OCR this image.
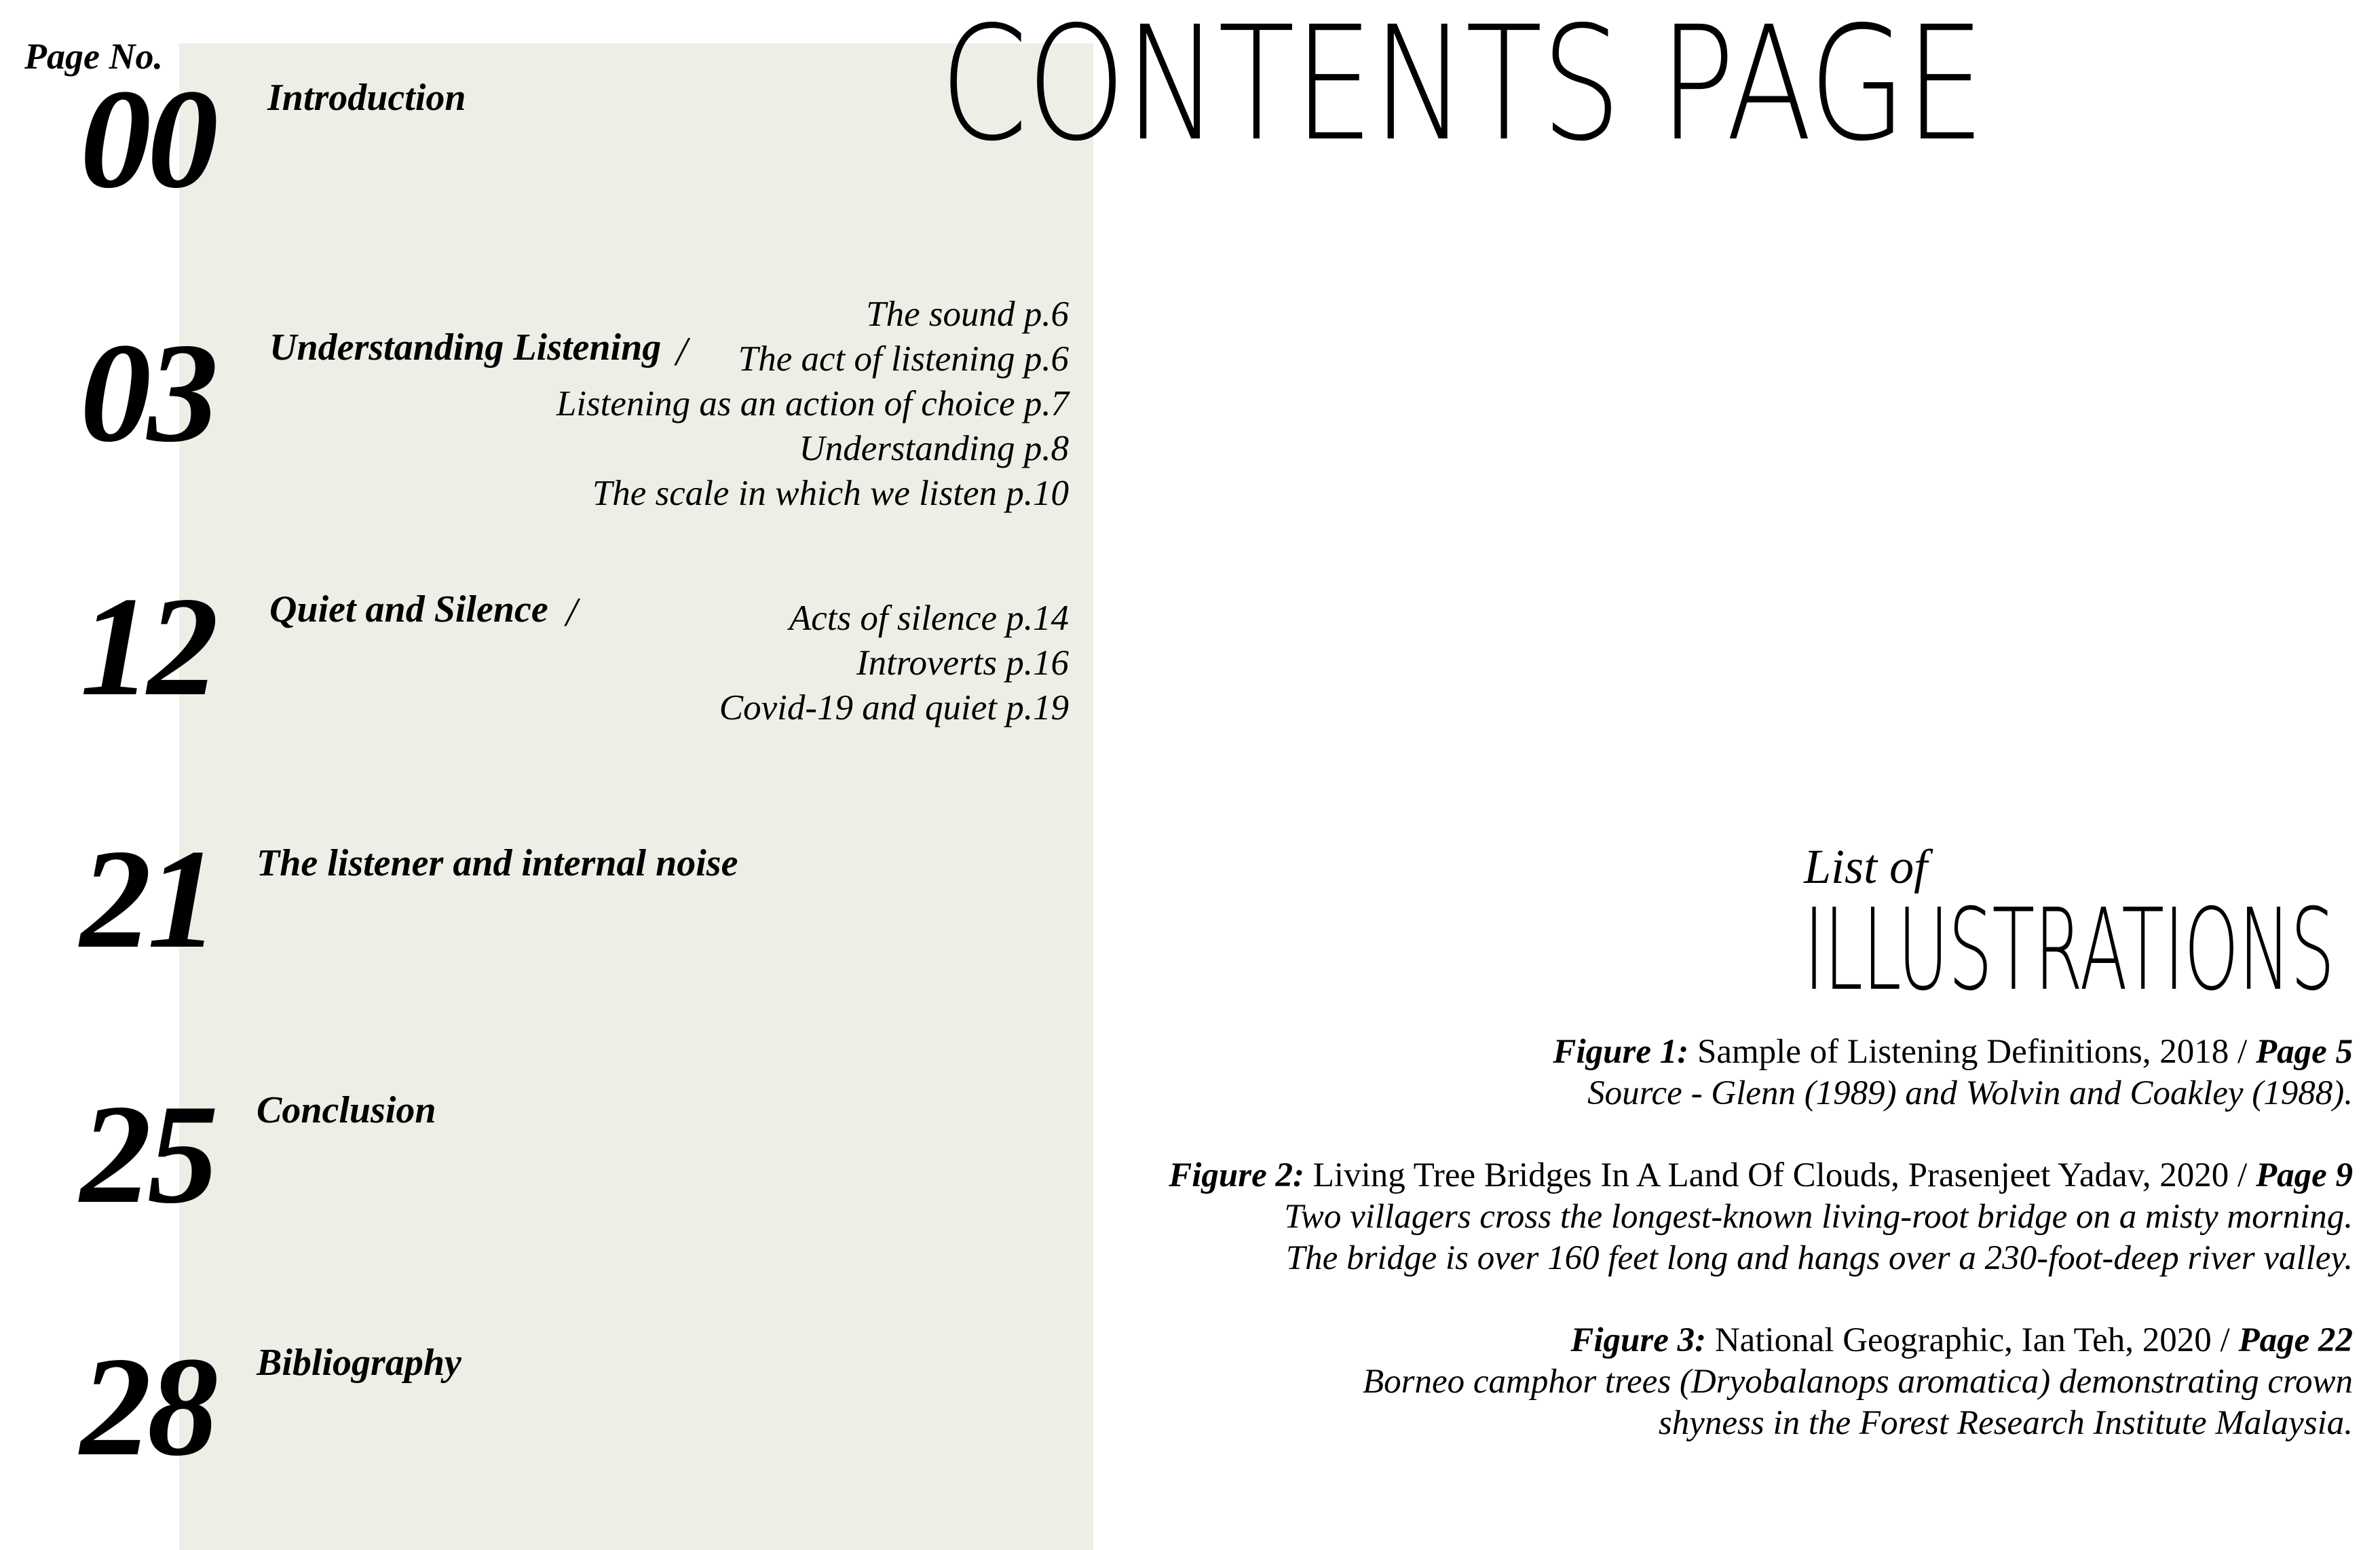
Page No.	CONTENTS PAGE
00 Introduction
03 Understanding Listening /
The sound p.6
The act of listening p.6
Listening as an action of choice p.7
Understanding p.8
The scale in which we listen p.10
12 Quiet and Silence /	Acts of silence p.14
Introverts p.16
Covid-19 and quiet p.19
21 The listener and internal noise
25 Conclusion
28 Bibliography
List of
ILLUSTRATIONS
Figure 1: Sample of Listening Definitions, 2018 / Page 5
Source - Glenn (1989) and Wolvin and Coakley (1988).
Figure 2: Living Tree Bridges In A Land Of Clouds, Prasenjeet Yadav, 2020 / Page 9
Two villagers cross the longest-known living-root bridge on a misty morning.
The bridge is over 160 feet long and hangs over a 230-foot-deep river valley.
Figure 3: National Geographic, Ian Teh, 2020 / Page 22
Borneo camphor trees (Dryobalanops aromatica) demonstrating crown
shyness in the Forest Research Institute Malaysia.
